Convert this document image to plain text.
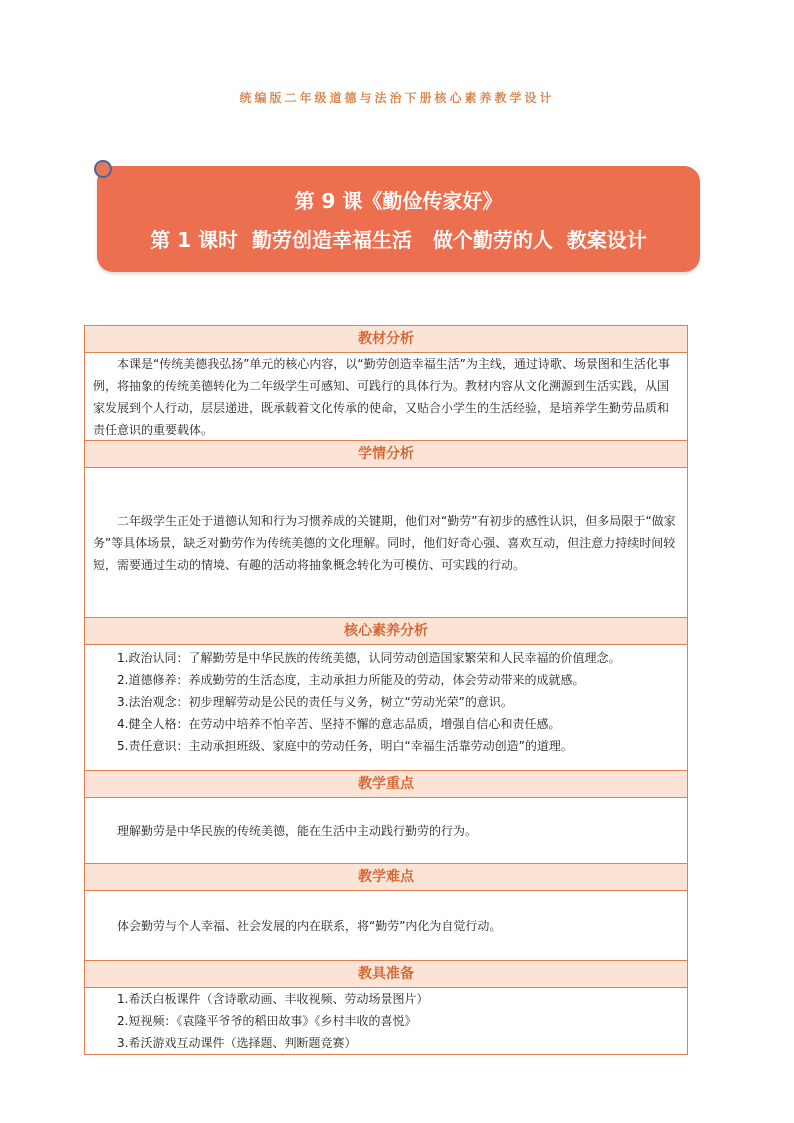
统编版二年级道德与法治下册核心素养教学设计
第 9 课《勤俭传家好》
第 1 课时  勤劳创造幸福生活   做个勤劳的人  教案设计
教材分析

本课是“传统美德我弘扬”单元的核心内容，以“勤劳创造幸福生活”为主线，通过诗歌、场景图和生活化事例，将抽象的传统美德转化为二年级学生可感知、可践行的具体行为。教材内容从文化溯源到生活实践，从国家发展到个人行动，层层递进，既承载着文化传承的使命，又贴合小学生的生活经验，是培养学生勤劳品质和责任意识的重要载体。

学情分析

二年级学生正处于道德认知和行为习惯养成的关键期，他们对“勤劳”有初步的感性认识，但多局限于“做家务”等具体场景，缺乏对勤劳作为传统美德的文化理解。同时，他们好奇心强、喜欢互动，但注意力持续时间较短，需要通过生动的情境、有趣的活动将抽象概念转化为可模仿、可实践的行动。

核心素养分析

1.政治认同：了解勤劳是中华民族的传统美德，认同劳动创造国家繁荣和人民幸福的价值理念。

2.道德修养：养成勤劳的生活态度，主动承担力所能及的劳动，体会劳动带来的成就感。

3.法治观念：初步理解劳动是公民的责任与义务，树立“劳动光荣”的意识。

4.健全人格：在劳动中培养不怕辛苦、坚持不懈的意志品质，增强自信心和责任感。

5.责任意识：主动承担班级、家庭中的劳动任务，明白“幸福生活靠劳动创造”的道理。

教学重点

理解勤劳是中华民族的传统美德，能在生活中主动践行勤劳的行为。

教学难点

体会勤劳与个人幸福、社会发展的内在联系，将“勤劳”内化为自觉行动。

教具准备

1.希沃白板课件（含诗歌动画、丰收视频、劳动场景图片）

2.短视频：《袁隆平爷爷的稻田故事》《乡村丰收的喜悦》

3.希沃游戏互动课件（选择题、判断题竞赛）
